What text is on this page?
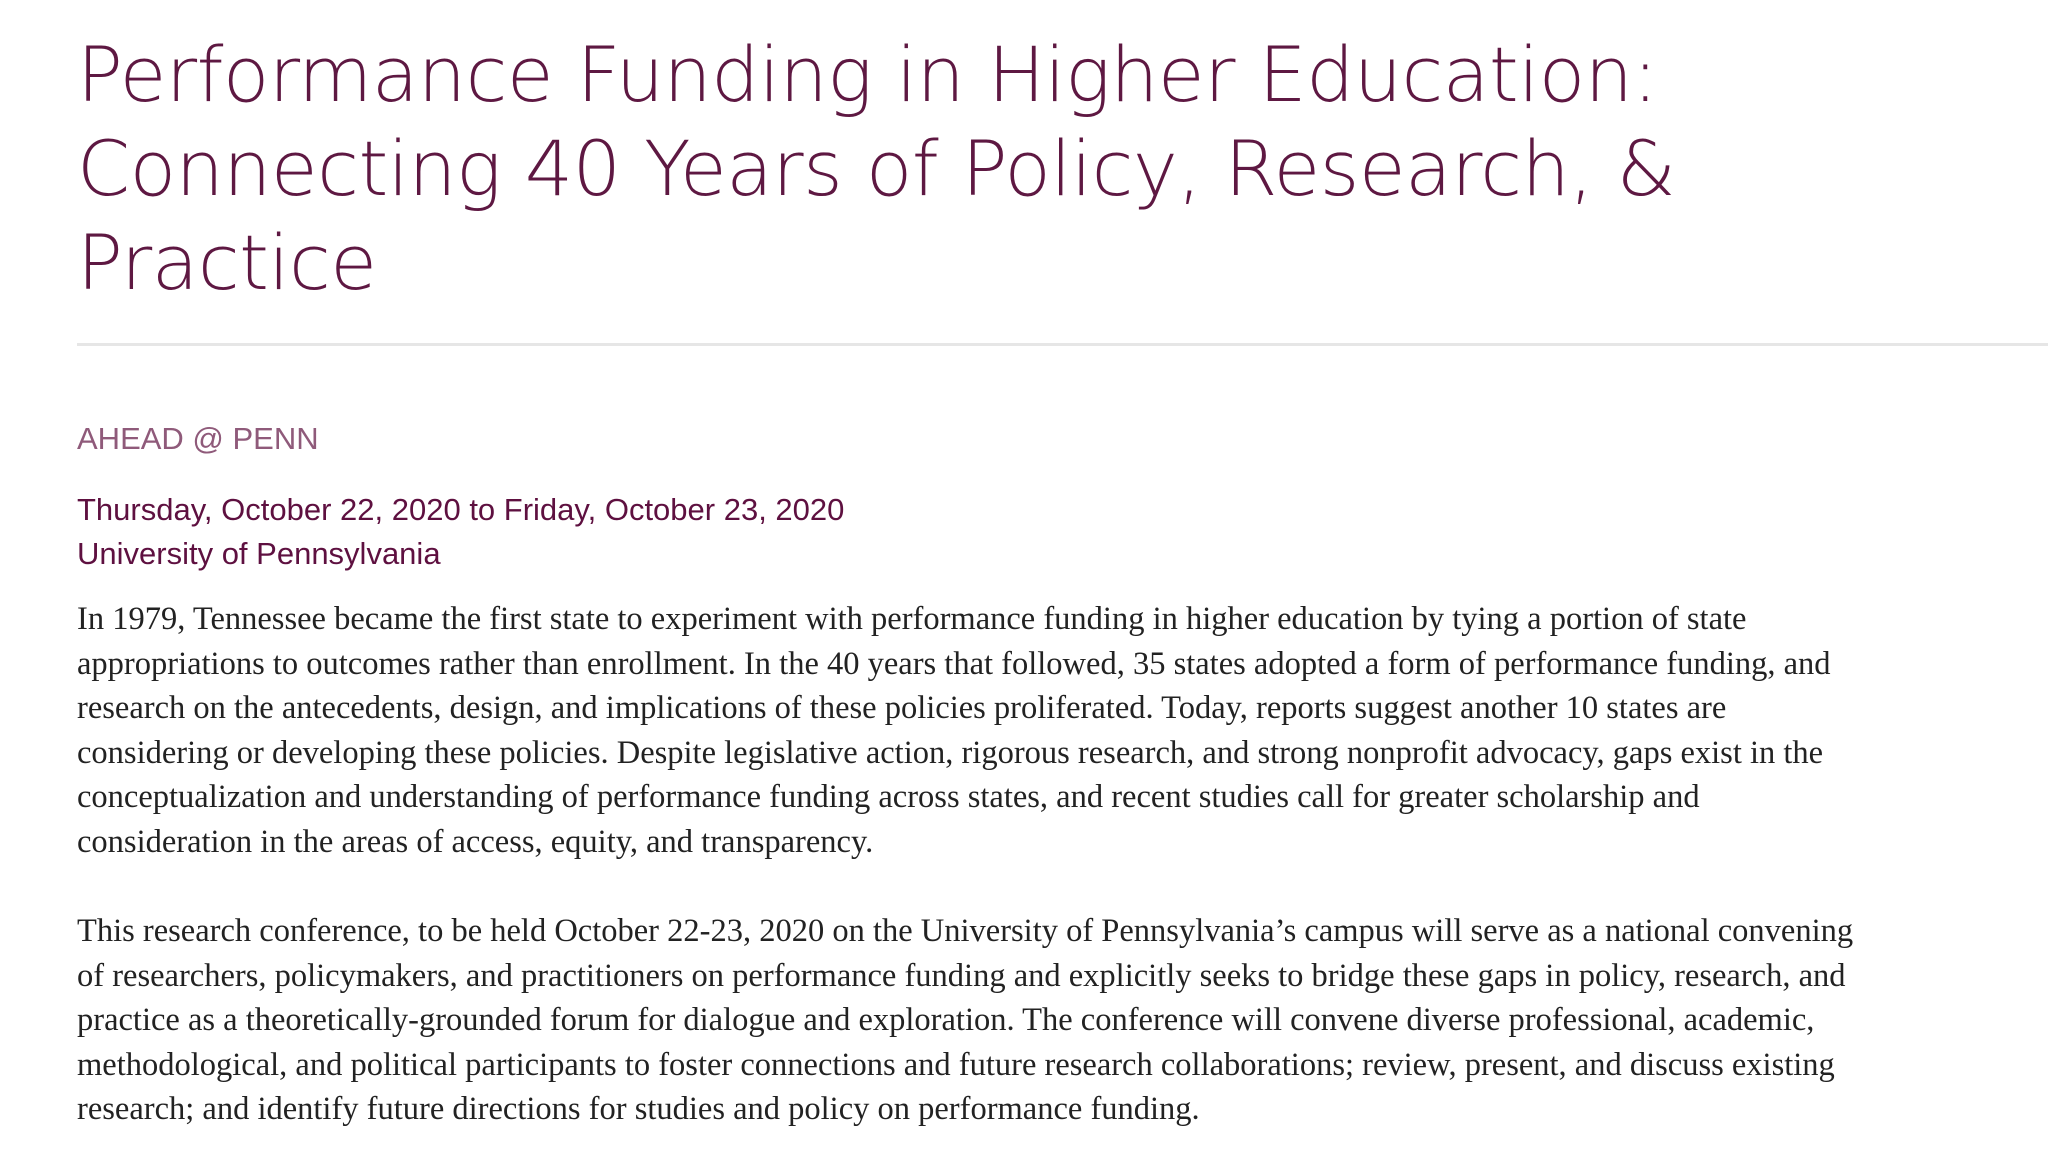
Performance Funding in Higher Education:
Connecting 40 Years of Policy, Research, &
Practice
AHEAD @ PENN
Thursday, October 22, 2020 to Friday, October 23, 2020
University of Pennsylvania
In 1979, Tennessee became the first state to experiment with performance funding in higher education by tying a portion of state
appropriations to outcomes rather than enrollment. In the 40 years that followed, 35 states adopted a form of performance funding, and
research on the antecedents, design, and implications of these policies proliferated. Today, reports suggest another 10 states are
considering or developing these policies. Despite legislative action, rigorous research, and strong nonprofit advocacy, gaps exist in the
conceptualization and understanding of performance funding across states, and recent studies call for greater scholarship and
consideration in the areas of access, equity, and transparency.
This research conference, to be held October 22-23, 2020 on the University of Pennsylvania’s campus will serve as a national convening
of researchers, policymakers, and practitioners on performance funding and explicitly seeks to bridge these gaps in policy, research, and
practice as a theoretically-grounded forum for dialogue and exploration. The conference will convene diverse professional, academic,
methodological, and political participants to foster connections and future research collaborations; review, present, and discuss existing
research; and identify future directions for studies and policy on performance funding.
